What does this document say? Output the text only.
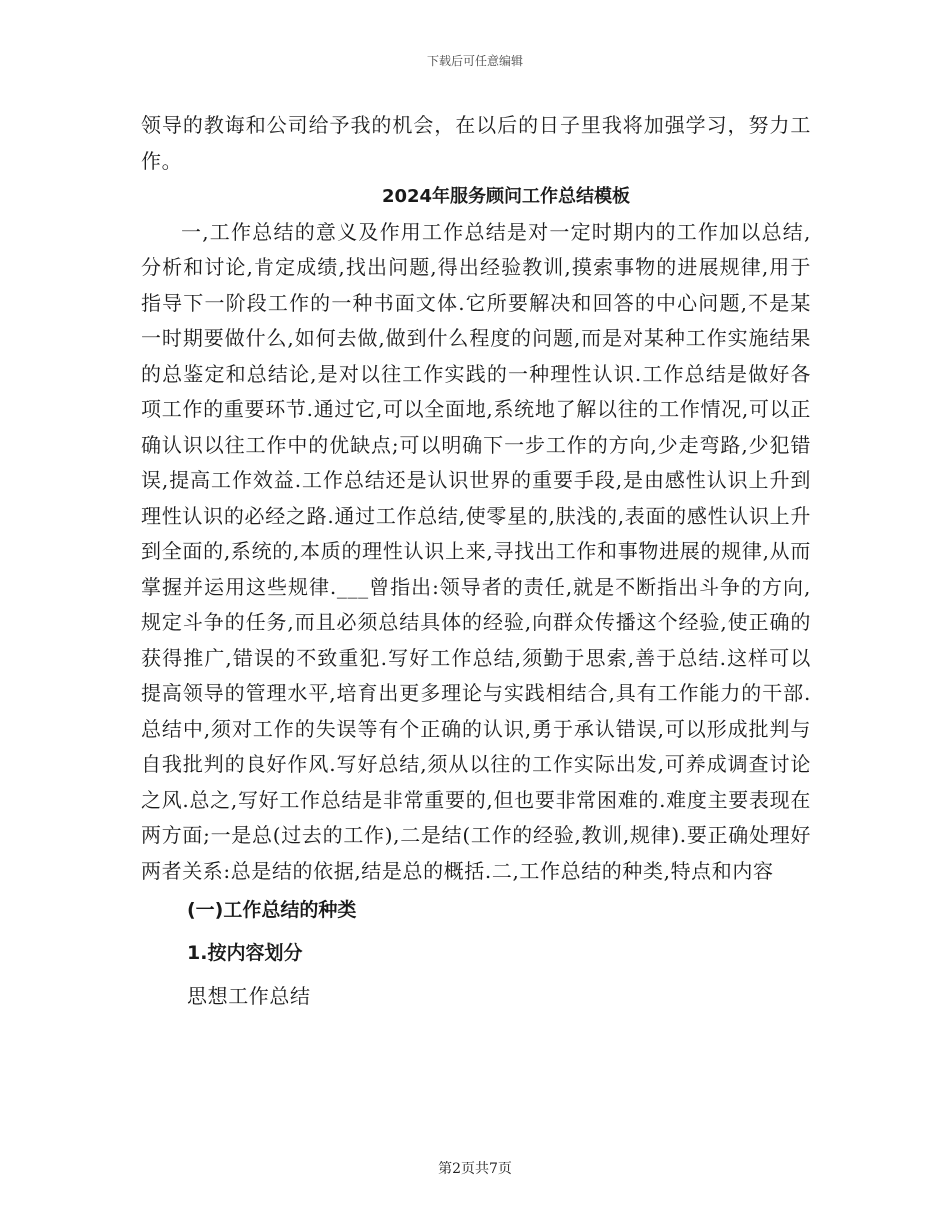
下载后可任意编辑

领导的教诲和公司给予我的机会，在以后的日子里我将加强学习，努力工作。

2024年服务顾问工作总结模板

一,工作总结的意义及作用工作总结是对一定时期内的工作加以总结,分析和讨论,肯定成绩,找出问题,得出经验教训,摸索事物的进展规律,用于指导下一阶段工作的一种书面文体.它所要解决和回答的中心问题,不是某一时期要做什么,如何去做,做到什么程度的问题,而是对某种工作实施结果的总鉴定和总结论,是对以往工作实践的一种理性认识.工作总结是做好各项工作的重要环节.通过它,可以全面地,系统地了解以往的工作情况,可以正确认识以往工作中的优缺点;可以明确下一步工作的方向,少走弯路,少犯错误,提高工作效益.工作总结还是认识世界的重要手段,是由感性认识上升到理性认识的必经之路.通过工作总结,使零星的,肤浅的,表面的感性认识上升到全面的,系统的,本质的理性认识上来,寻找出工作和事物进展的规律,从而掌握并运用这些规律.___曾指出:领导者的责任,就是不断指出斗争的方向,规定斗争的任务,而且必须总结具体的经验,向群众传播这个经验,使正确的获得推广,错误的不致重犯.写好工作总结,须勤于思索,善于总结.这样可以提高领导的管理水平,培育出更多理论与实践相结合,具有工作能力的干部.总结中,须对工作的失误等有个正确的认识,勇于承认错误,可以形成批判与自我批判的良好作风.写好总结,须从以往的工作实际出发,可养成调查讨论之风.总之,写好工作总结是非常重要的,但也要非常困难的.难度主要表现在两方面;一是总(过去的工作),二是结(工作的经验,教训,规律).要正确处理好两者关系:总是结的依据,结是总的概括.二,工作总结的种类,特点和内容

(一)工作总结的种类

1.按内容划分

思想工作总结

第2页共7页
